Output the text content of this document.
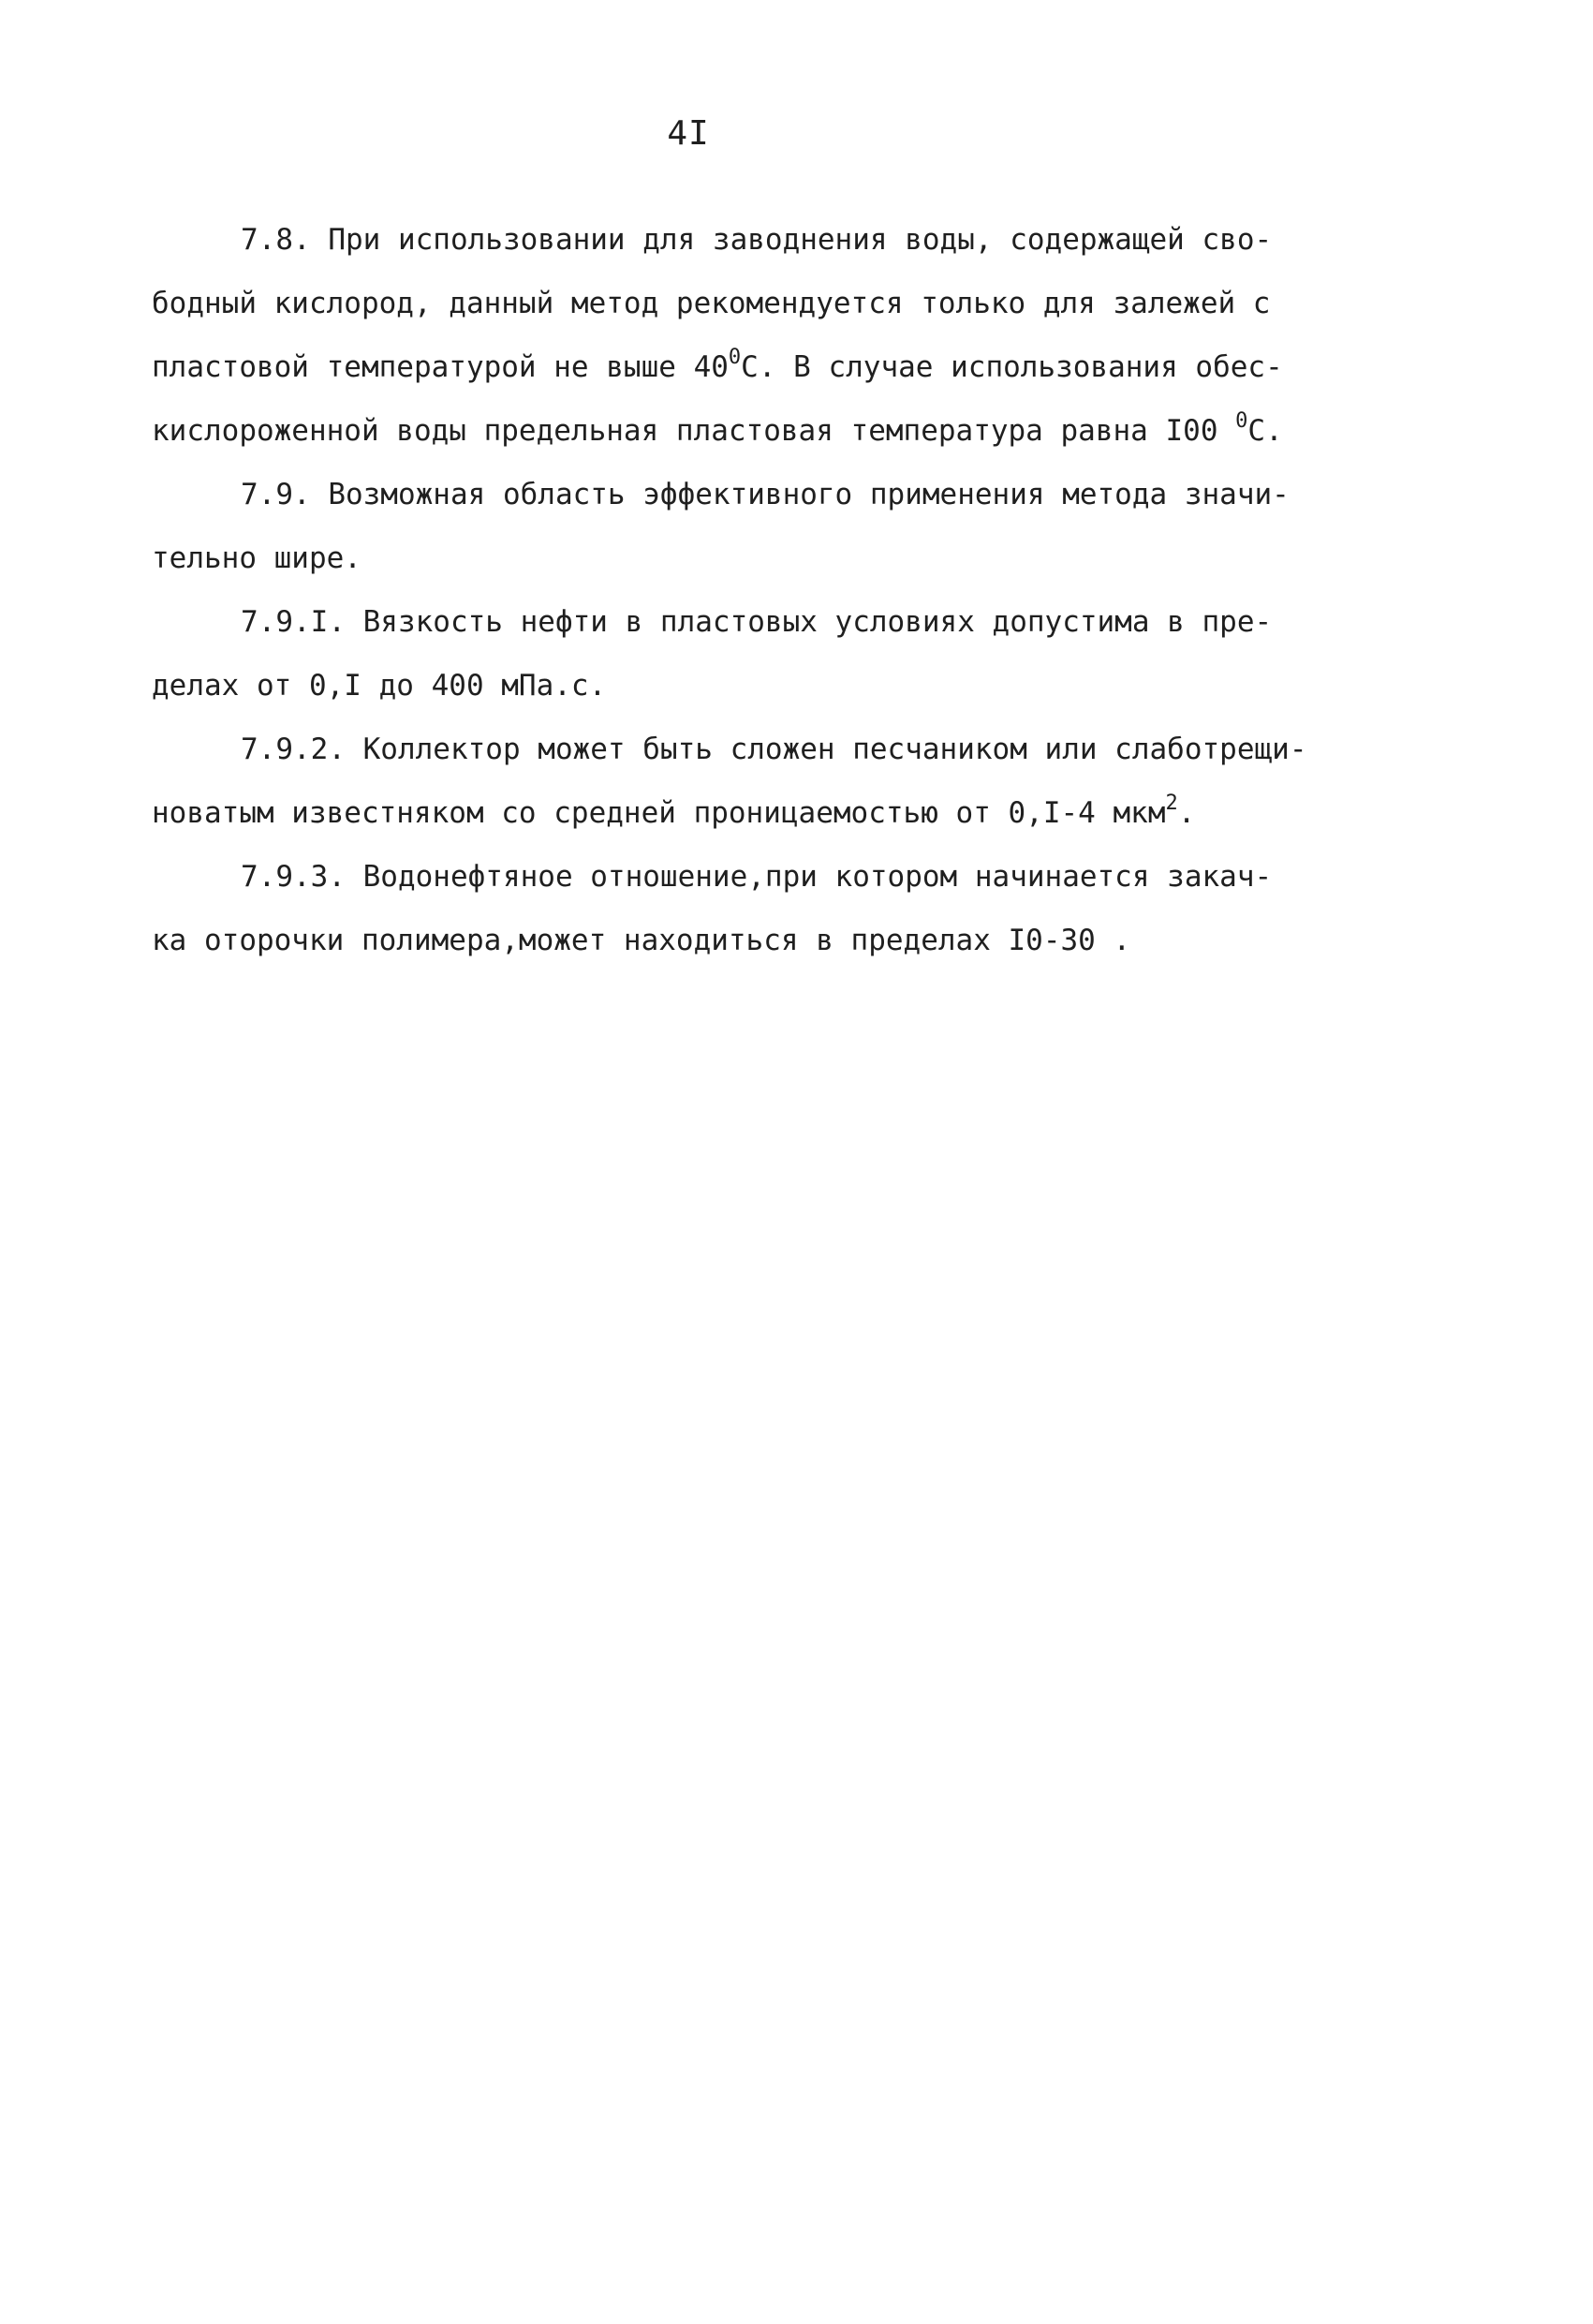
4I
7.8. При использовании для заводнения воды, содержащей сво-
бодный кислород, данный метод рекомендуется только для залежей с
пластовой температурой не выше $40^0С$. В случае использования обес-
кислороженной воды предельная пластовая температура равна I00 $^0$С.
7.9. Возможная область эффективного применения метода значи-
тельно шире.
7.9.I. Вязкость нефти в пластовых условиях допустима в пре-
делах от 0,I до 400 мПа.с.
7.9.2. Коллектор может быть сложен песчаником или слаботрещи-
новатым известняком со средней проницаемостью от 0,I-4 мкм$^2$.
7.9.3. Водонефтяное отношение,при котором начинается закач-
ка оторочки полимера,может находиться в пределах I0-30 .
